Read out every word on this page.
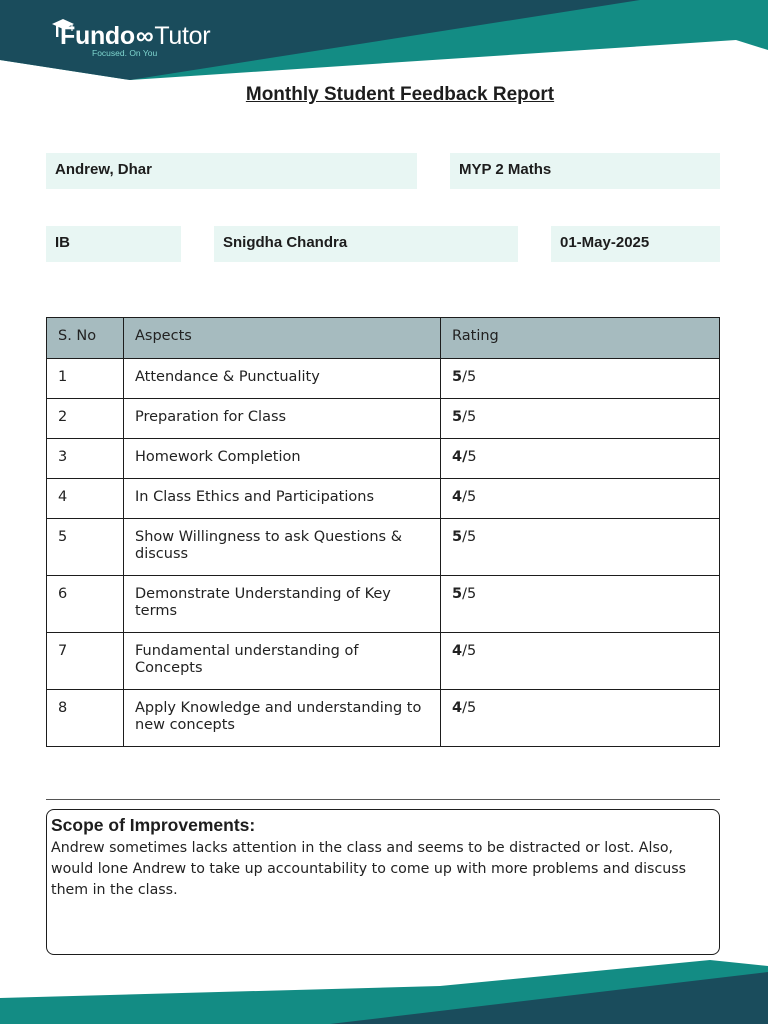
Fundo∞Tutor
Focused. On You
Monthly Student Feedback Report
Andrew, Dhar	MYP 2 Maths
IB	Snigdha Chandra	01-May-2025
S. No	Aspects	Rating
1	Attendance & Punctuality	5/5
2	Preparation for Class	5/5
3	Homework Completion	4/5
4	In Class Ethics and Participations	4/5
5	Show Willingness to ask Questions & discuss	5/5
6	Demonstrate Understanding of Key terms	5/5
7	Fundamental understanding of Concepts	4/5
8	Apply Knowledge and understanding to new concepts	4/5
Scope of Improvements:

Andrew sometimes lacks attention in the class and seems to be distracted or lost. Also, would lone Andrew to take up accountability to come up with more problems and discuss them in the class.
